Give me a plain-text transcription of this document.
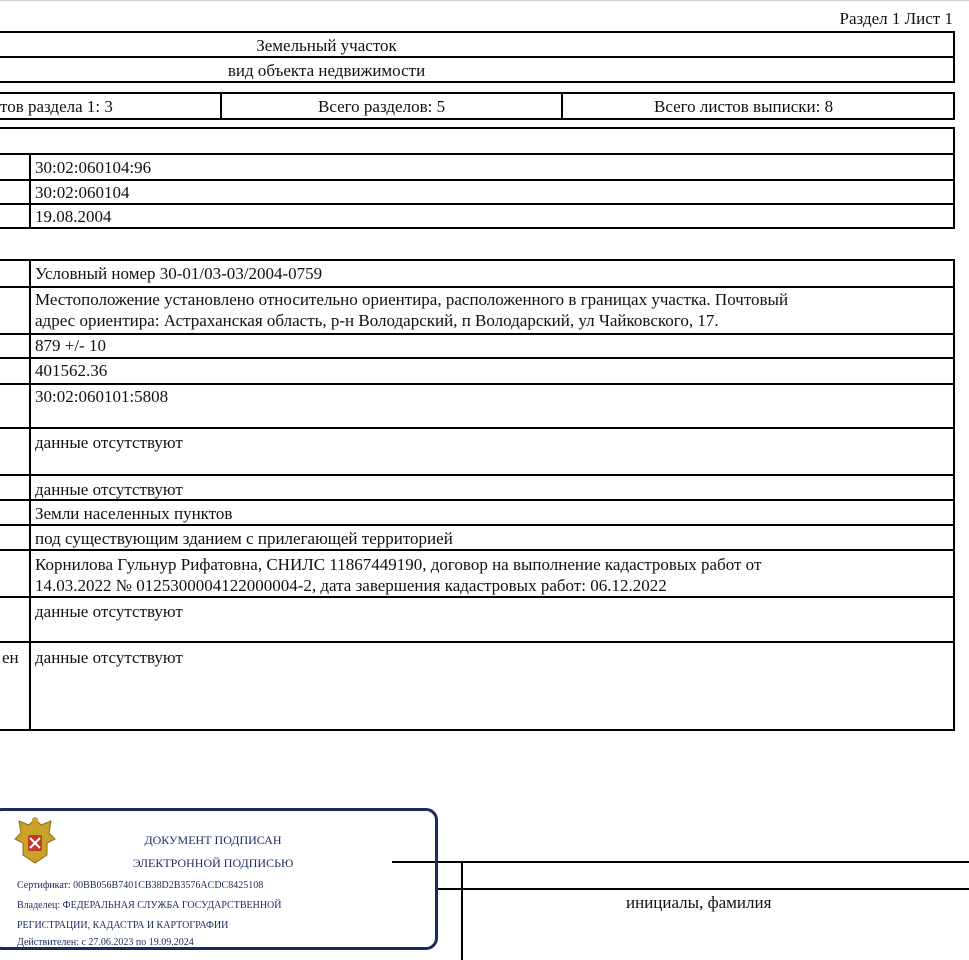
Раздел 1 Лист 1
Земельный участок
вид объекта недвижимости
тов раздела 1: 3	Всего разделов: 5	Всего листов выписки: 8
30:02:060104:96
30:02:060104
19.08.2004
Условный номер 30-01/03-03/2004-0759
Местоположение установлено относительно ориентира, расположенного в границах участка. Почтовый
адрес ориентира: Астраханская область, р-н Володарский, п Володарский, ул Чайковского, 17.
879 +/- 10
401562.36
30:02:060101:5808
данные отсутствуют
данные отсутствуют
Земли населенных пунктов
под существующим зданием с прилегающей территорией
Корнилова Гульнур Рифатовна, СНИЛС 11867449190, договор на выполнение кадастровых работ от
14.03.2022 № 0125300004122000004-2, дата завершения кадастровых работ: 06.12.2022
данные отсутствуют
ен данные отсутствуют
инициалы, фамилия
ДОКУМЕНТ ПОДПИСАН
ЭЛЕКТРОННОЙ ПОДПИСЬЮ
Сертификат: 00BB056B7401CB38D2B3576ACDC8425108
Владелец: ФЕДЕРАЛЬНАЯ СЛУЖБА ГОСУДАРСТВЕННОЙ
РЕГИСТРАЦИИ, КАДАСТРА И КАРТОГРАФИИ
Действителен: с 27.06.2023 по 19.09.2024
